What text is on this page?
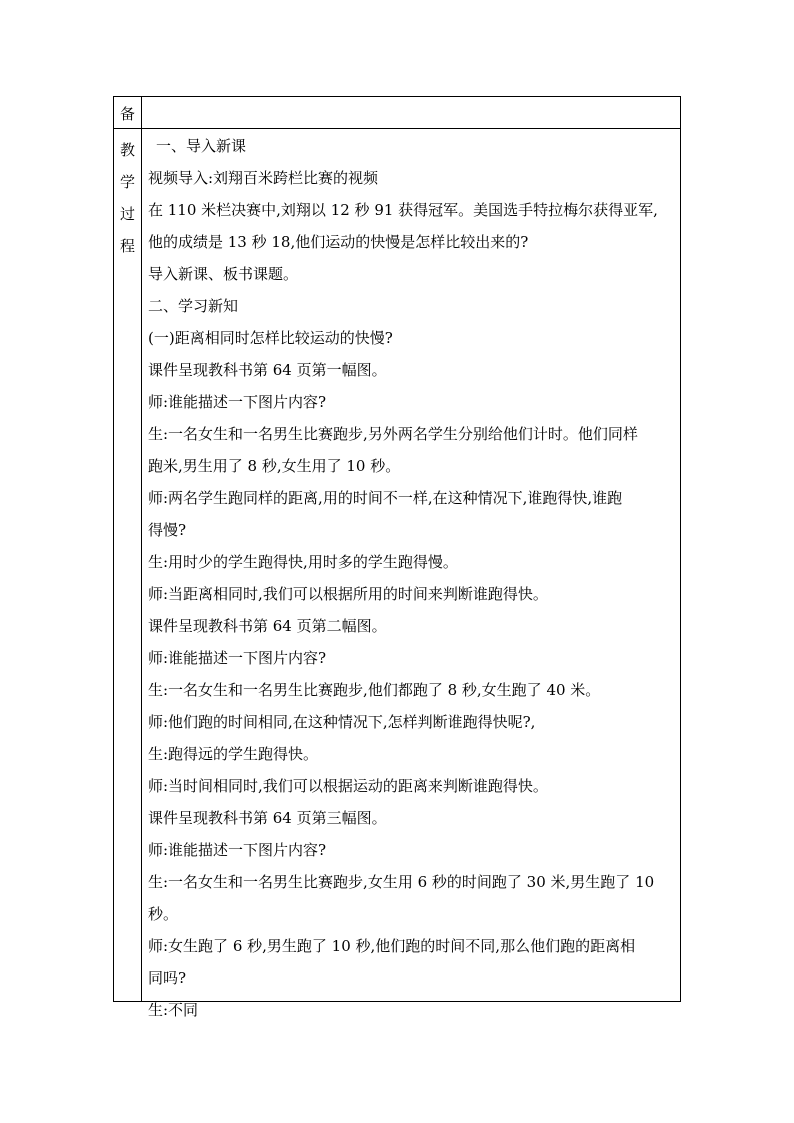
备
教
学
过
程

一、导入新课

视频导入:刘翔百米跨栏比赛的视频

在 110 米栏决赛中,刘翔以 12 秒 91 获得冠军。美国选手特拉梅尔获得亚军,

他的成绩是 13 秒 18,他们运动的快慢是怎样比较出来的?

导入新课、板书课题。

二、学习新知

(一)距离相同时怎样比较运动的快慢?

课件呈现教科书第 64 页第一幅图。

师:谁能描述一下图片内容?

生:一名女生和一名男生比赛跑步,另外两名学生分别给他们计时。他们同样

跑米,男生用了 8 秒,女生用了 10 秒。

师:两名学生跑同样的距离,用的时间不一样,在这种情况下,谁跑得快,谁跑

得慢?

生:用时少的学生跑得快,用时多的学生跑得慢。

师:当距离相同时,我们可以根据所用的时间来判断谁跑得快。

课件呈现教科书第 64 页第二幅图。

师:谁能描述一下图片内容?

生:一名女生和一名男生比赛跑步,他们都跑了 8 秒,女生跑了 40 米。

师:他们跑的时间相同,在这种情况下,怎样判断谁跑得快呢?,

生:跑得远的学生跑得快。

师:当时间相同时,我们可以根据运动的距离来判断谁跑得快。

课件呈现教科书第 64 页第三幅图。

师:谁能描述一下图片内容?

生:一名女生和一名男生比赛跑步,女生用 6 秒的时间跑了 30 米,男生跑了 10

秒。

师:女生跑了 6 秒,男生跑了 10 秒,他们跑的时间不同,那么他们跑的距离相

同吗?

生:不同
